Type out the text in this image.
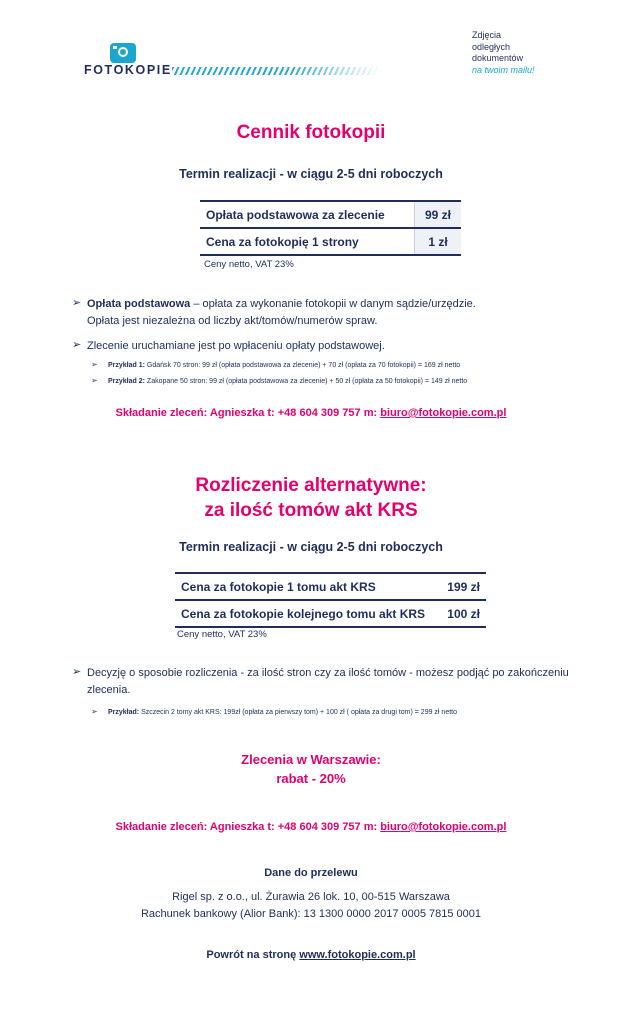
FOTOKOPIE
Zdjęcia
odległych
dokumentów
na twoim mailu!
Cennik fotokopii
Termin realizacji - w ciągu 2-5 dni roboczych
Opłata podstawowa za zlecenie	99 zł
Cena za fotokopię 1 strony	1 zł
Ceny netto, VAT 23%
➢ Opłata podstawowa – opłata za wykonanie fotokopii w danym sądzie/urzędzie.
Opłata jest niezależna od liczby akt/tomów/numerów spraw.
➢ Zlecenie uruchamiane jest po wpłaceniu opłaty podstawowej.
➢ Przykład 1: Gdańsk 70 stron: 99 zł (opłata podstawowa za zlecenie) + 70 zł (opłata za 70 fotokopii) = 169 zł netto
➢ Przykład 2: Zakopane 50 stron: 99 zł (opłata podstawowa za zlecenie) + 50 zł (opłata za 50 fotokopii) = 149 zł netto
Składanie zleceń: Agnieszka t: +48 604 309 757 m: biuro@fotokopie.com.pl
Rozliczenie alternatywne:
za ilość tomów akt KRS
Termin realizacji - w ciągu 2-5 dni roboczych
Cena za fotokopie 1 tomu akt KRS	199 zł
Cena za fotokopie kolejnego tomu akt KRS	100 zł
Ceny netto, VAT 23%
➢ Decyzję o sposobie rozliczenia - za ilość stron czy za ilość tomów - możesz podjąć po zakończeniu
zlecenia.
➢ Przykład: Szczecin 2 tomy akt KRS: 199zł (opłata za pierwszy tom) + 100 zł ( opłata za drugi tom) = 299 zł netto
Zlecenia w Warszawie:
rabat - 20%
Składanie zleceń: Agnieszka t: +48 604 309 757 m: biuro@fotokopie.com.pl
Dane do przelewu
Rigel sp. z o.o., ul. Żurawia 26 lok. 10, 00-515 Warszawa
Rachunek bankowy (Alior Bank): 13 1300 0000 2017 0005 7815 0001
Powrót na stronę www.fotokopie.com.pl
